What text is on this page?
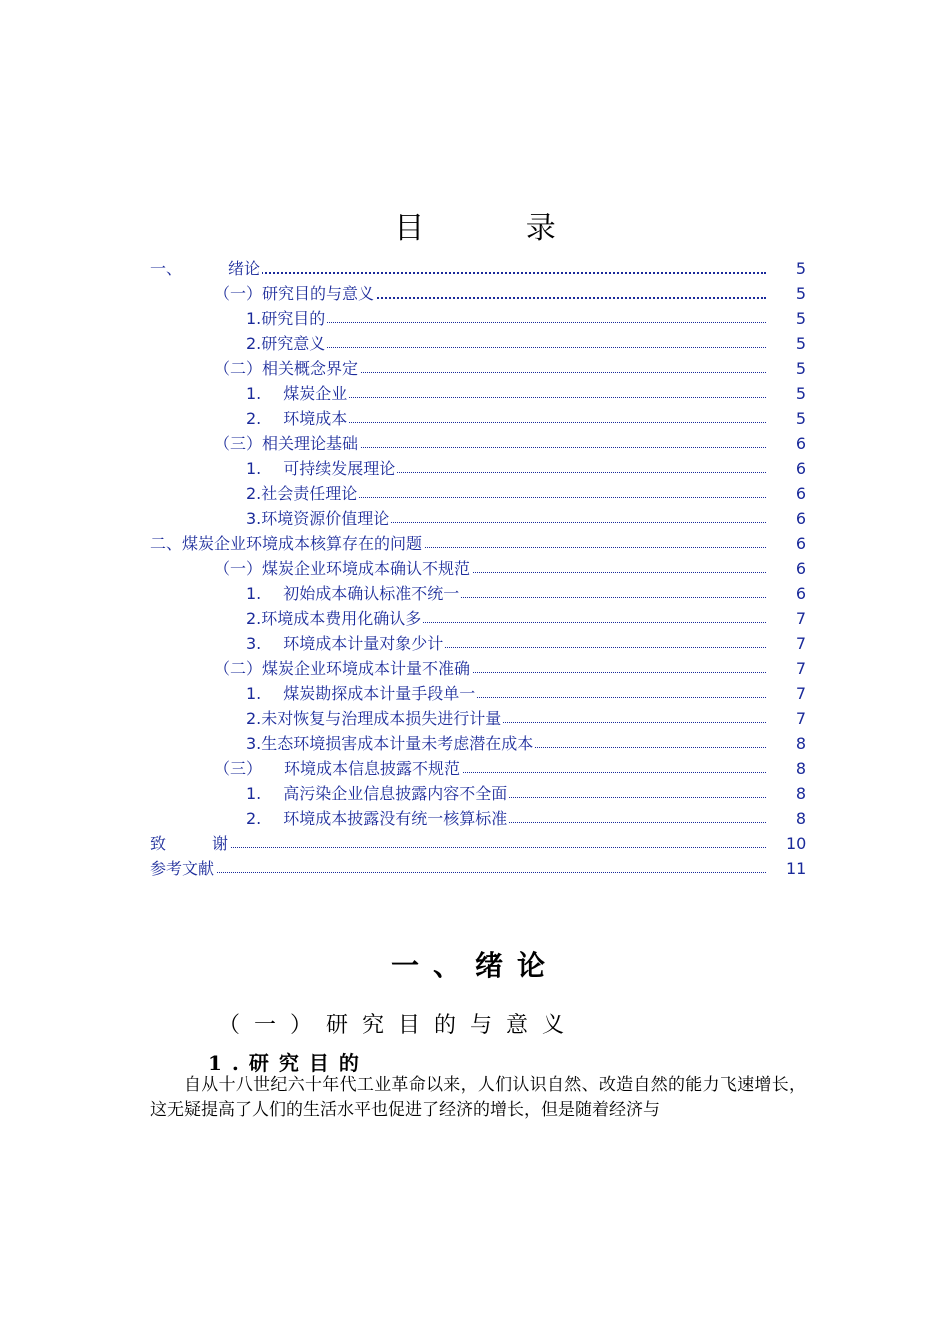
目 录
一、	绪论	5
（一）研究目的与意义	5
1.研究目的	5
2.研究意义	5
（二）相关概念界定	5
1. 煤炭企业	5
2. 环境成本	5
（三）相关理论基础	6
1. 可持续发展理论	6
2.社会责任理论	6
3.环境资源价值理论	6
二、煤炭企业环境成本核算存在的问题	6
（一）煤炭企业环境成本确认不规范	6
1. 初始成本确认标准不统一	6
2.环境成本费用化确认多	7
3. 环境成本计量对象少计	7
（二）煤炭企业环境成本计量不准确	7
1. 煤炭勘探成本计量手段单一	7
2.未对恢复与治理成本损失进行计量	7
3.生态环境损害成本计量未考虑潜在成本	8
（三） 环境成本信息披露不规范	8
1. 高污染企业信息披露内容不全面	8
2. 环境成本披露没有统一核算标准	8
致	谢	10
参考文献	11
一、绪论
（一）研究目的与意义
1.研究目的
自从十八世纪六十年代工业革命以来，人们认识自然、改造自然的能力飞速增长，这无疑提高了人们的生活水平也促进了经济的增长，但是随着经济与
